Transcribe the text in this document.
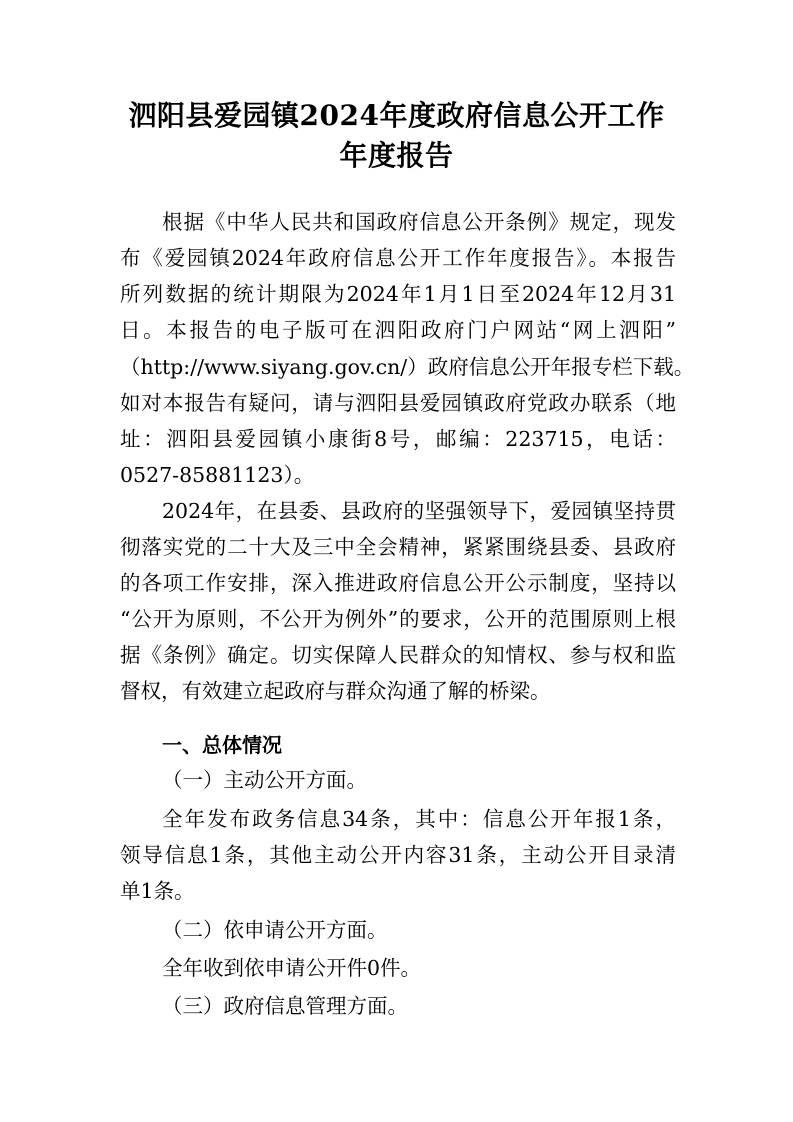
泗阳县爱园镇2024年度政府信息公开工作
年度报告
根据《中华人民共和国政府信息公开条例》规定，现发
布《爱园镇2024年政府信息公开工作年度报告》。本报告
所列数据的统计期限为2024年1月1日至2024年12月31
日。本报告的电子版可在泗阳政府门户网站“网上泗阳”
（http://www.siyang.gov.cn/）政府信息公开年报专栏下载。
如对本报告有疑问，请与泗阳县爱园镇政府党政办联系（地
址：泗阳县爱园镇小康街8号，邮编：223715，电话：
0527-85881123）。
2024年，在县委、县政府的坚强领导下，爱园镇坚持贯
彻落实党的二十大及三中全会精神，紧紧围绕县委、县政府
的各项工作安排，深入推进政府信息公开公示制度，坚持以
“公开为原则，不公开为例外”的要求，公开的范围原则上根
据《条例》确定。切实保障人民群众的知情权、参与权和监
督权，有效建立起政府与群众沟通了解的桥梁。
一、总体情况
（一）主动公开方面。
全年发布政务信息34条，其中：信息公开年报1条，
领导信息1条，其他主动公开内容31条，主动公开目录清
单1条。
（二）依申请公开方面。
全年收到依申请公开件0件。
（三）政府信息管理方面。
